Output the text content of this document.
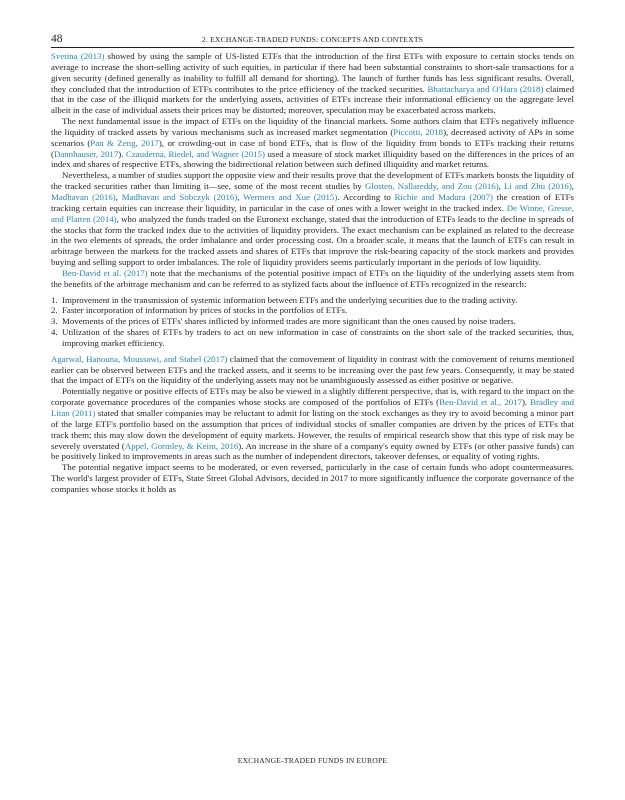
48	2. EXCHANGE-TRADED FUNDS: CONCEPTS AND CONTEXTS

Svetina (2013) showed by using the sample of US-listed ETFs that the introduction of the first ETFs with exposure to certain stocks tends on average to increase the short-selling activity of such equities, in particular if there had been substantial constraints to short-sale transactions for a given security (defined generally as inability to fulfill all demand for shorting). The launch of further funds has less significant results. Overall, they concluded that the introduction of ETFs contributes to the price efficiency of the tracked securities. Bhattacharya and O'Hara (2018) claimed that in the case of the illiquid markets for the underlying assets, activities of ETFs increase their informational efficiency on the aggregate level albeit in the case of individual assets their prices may be distorted; moreover, speculation may be exacerbated across markets.

The next fundamental issue is the impact of ETFs on the liquidity of the financial markets. Some authors claim that ETFs negatively influence the liquidity of tracked assets by various mechanisms such as increased market segmentation (Piccotti, 2018), decreased activity of APs in some scenarios (Pan & Zeng, 2017), or crowding-out in case of bond ETFs, that is flow of the liquidity from bonds to ETFs tracking their returns (Dannhauser, 2017). Czauderna, Riedel, and Wagner (2015) used a measure of stock market illiquidity based on the differences in the prices of an index and shares of respective ETFs, showing the bidirectional relation between such defined illiquidity and market returns.

Nevertheless, a number of studies support the opposite view and their results prove that the development of ETFs markets boosts the liquidity of the tracked securities rather than limiting it—see, some of the most recent studies by Glosten, Nallareddy, and Zou (2016), Li and Zhu (2016), Madhavan (2016), Madhavan and Sobczyk (2016), Wermers and Xue (2015). According to Richie and Madura (2007) the creation of ETFs tracking certain equities can increase their liquidity, in particular in the case of ones with a lower weight in the tracked index. De Winne, Gresse, and Platten (2014), who analyzed the funds traded on the Euronext exchange, stated that the introduction of ETFs leads to the decline in spreads of the stocks that form the tracked index due to the activities of liquidity providers. The exact mechanism can be explained as related to the decrease in the two elements of spreads, the order imbalance and order processing cost. On a broader scale, it means that the launch of ETFs can result in arbitrage between the markets for the tracked assets and shares of ETFs that improve the risk-bearing capacity of the stock markets and provides buying and selling support to order imbalances. The role of liquidity providers seems particularly important in the periods of low liquidity.

Ben-David et al. (2017) note that the mechanisms of the potential positive impact of ETFs on the liquidity of the underlying assets stem from the benefits of the arbitrage mechanism and can be referred to as stylized facts about the influence of ETFs recognized in the research:

1. Improvement in the transmission of systemic information between ETFs and the underlying securities due to the trading activity.
2. Faster incorporation of information by prices of stocks in the portfolios of ETFs.
3. Movements of the prices of ETFs' shares inflicted by informed trades are more significant than the ones caused by noise traders.
4. Utilization of the shares of ETFs by traders to act on new information in case of constraints on the short sale of the tracked securities, thus, improving market efficiency.

Agarwal, Hanouna, Moussawi, and Stahel (2017) claimed that the comovement of liquidity in contrast with the comovement of returns mentioned earlier can be observed between ETFs and the tracked assets, and it seems to be increasing over the past few years. Consequently, it may be stated that the impact of ETFs on the liquidity of the underlying assets may not be unambiguously assessed as either positive or negative.

Potentially negative or positive effects of ETFs may be also be viewed in a slightly different perspective, that is, with regard to the impact on the corporate governance procedures of the companies whose stocks are composed of the portfolios of ETFs (Ben-David et al., 2017). Bradley and Litan (2011) stated that smaller companies may be reluctant to admit for listing on the stock exchanges as they try to avoid becoming a minor part of the large ETF's portfolio based on the assumption that prices of individual stocks of smaller companies are driven by the prices of ETFs that track them; this may slow down the development of equity markets. However, the results of empirical research show that this type of risk may be severely overstated (Appel, Gormley, & Keim, 2016). An increase in the share of a company's equity owned by ETFs (or other passive funds) can be positively linked to improvements in areas such as the number of independent directors, takeover defenses, or equality of voting rights.

The potential negative impact seems to be moderated, or even reversed, particularly in the case of certain funds who adopt countermeasures. The world's largest provider of ETFs, State Street Global Advisors, decided in 2017 to more significantly influence the corporate governance of the companies whose stocks it holds as

EXCHANGE-TRADED FUNDS IN EUROPE
